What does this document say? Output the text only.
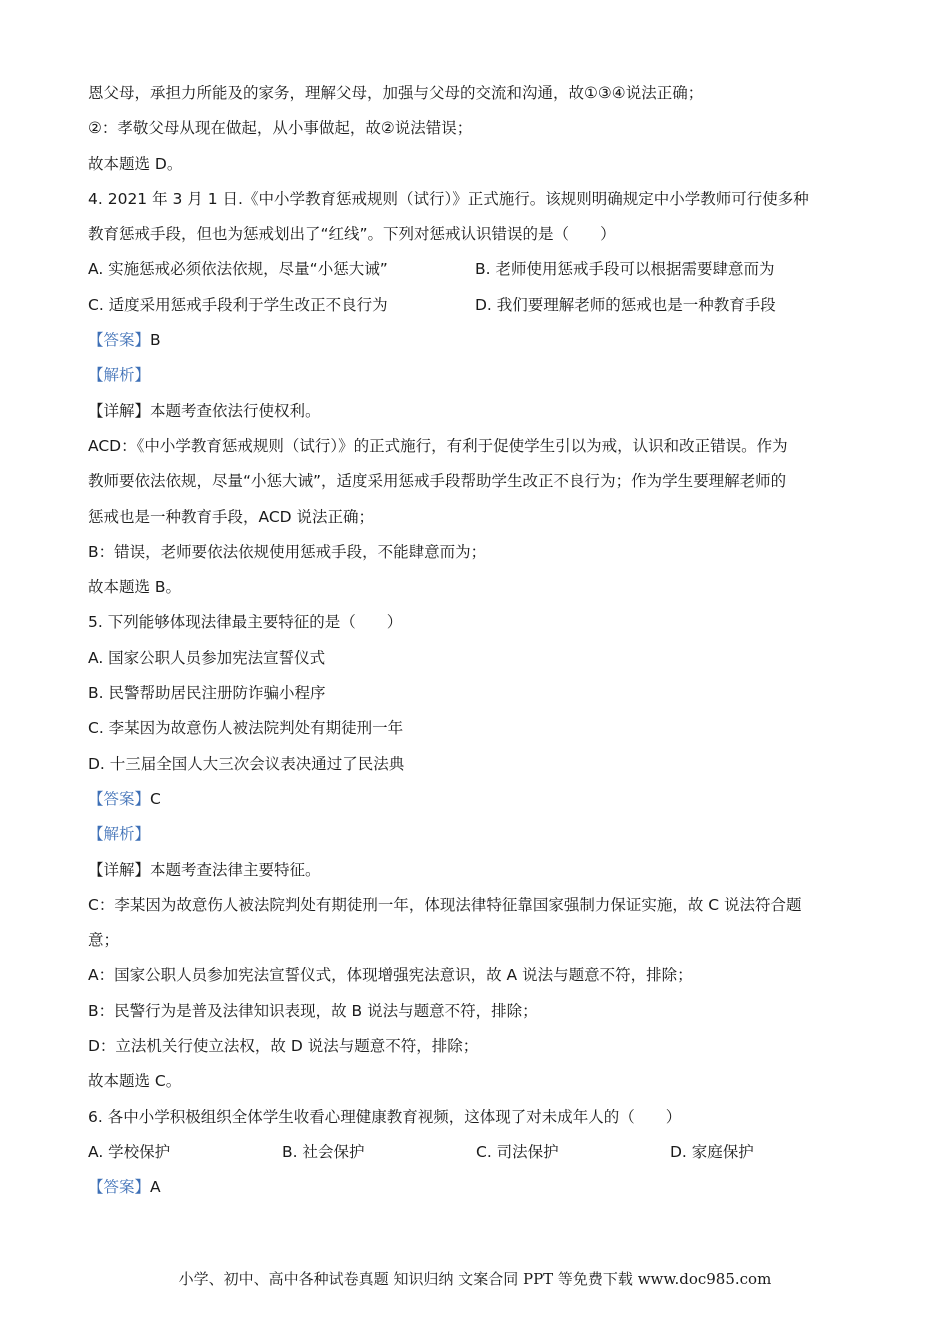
恩父母，承担力所能及的家务，理解父母，加强与父母的交流和沟通，故①③④说法正确；
②：孝敬父母从现在做起，从小事做起，故②说法错误；
故本题选 D。
4. 2021 年 3 月 1 日.《中小学教育惩戒规则（试行）》正式施行。该规则明确规定中小学教师可行使多种
教育惩戒手段，但也为惩戒划出了“红线”。下列对惩戒认识错误的是（　　）
A. 实施惩戒必须依法依规，尽量“小惩大诫”	B. 老师使用惩戒手段可以根据需要肆意而为
C. 适度采用惩戒手段利于学生改正不良行为	D. 我们要理解老师的惩戒也是一种教育手段
【答案】B
【解析】
【详解】本题考查依法行使权利。
ACD：《中小学教育惩戒规则（试行）》的正式施行，有利于促使学生引以为戒，认识和改正错误。作为
教师要依法依规，尽量“小惩大诫”，适度采用惩戒手段帮助学生改正不良行为；作为学生要理解老师的
惩戒也是一种教育手段，ACD 说法正确；
B：错误，老师要依法依规使用惩戒手段，不能肆意而为；
故本题选 B。
5. 下列能够体现法律最主要特征的是（　　）
A. 国家公职人员参加宪法宣誓仪式
B. 民警帮助居民注册防诈骗小程序
C. 李某因为故意伤人被法院判处有期徒刑一年
D. 十三届全国人大三次会议表决通过了民法典
【答案】C
【解析】
【详解】本题考查法律主要特征。
C：李某因为故意伤人被法院判处有期徒刑一年，体现法律特征靠国家强制力保证实施，故 C 说法符合题
意；
A：国家公职人员参加宪法宣誓仪式，体现增强宪法意识，故 A 说法与题意不符，排除；
B：民警行为是普及法律知识表现，故 B 说法与题意不符，排除；
D：立法机关行使立法权，故 D 说法与题意不符，排除；
故本题选 C。
6. 各中小学积极组织全体学生收看心理健康教育视频，这体现了对未成年人的（　　）
A. 学校保护	B. 社会保护	C. 司法保护	D. 家庭保护
【答案】A
小学、初中、高中各种试卷真题 知识归纳 文案合同 PPT 等免费下载 www.doc985.com
